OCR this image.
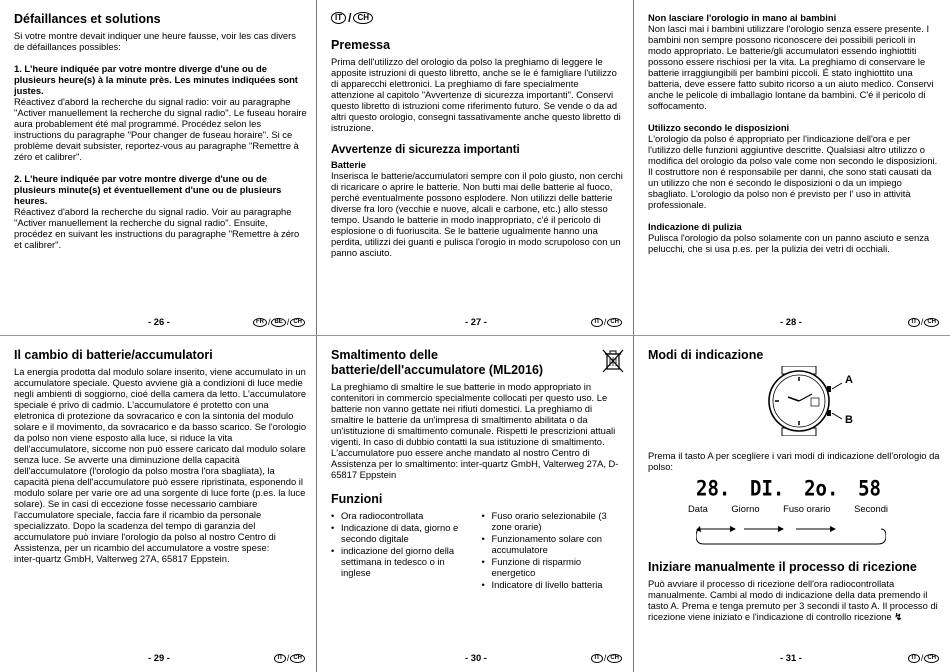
Défaillances et solutions

Si votre montre devait indiquer une heure fausse, voir les cas divers de défaillances possibles:

1. L'heure indiquée par votre montre diverge d'une ou de plusieurs heure(s) à la minute près. Les minutes indiquées sont justes.

Réactivez d'abord la recherche du signal radio: voir au paragraphe "Activer manuellement la recherche du signal radio". Le fuseau horaire aura probablement été mal programmé. Procédez selon les instructions du paragraphe "Pour changer de fuseau horaire". Si ce problème devait subsister, reportez-vous au paragraphe "Remettre à zéro et calibrer".

2. L'heure indiquée par votre montre diverge d'une ou de plusieurs minute(s) et éventuellement d'une ou de plusieurs heures.

Réactivez d'abord la recherche du signal radio. Voir au paragraphe "Activer manuellement la recherche du signal radio". Ensuite, procédez en suivant les instructions du paragraphe "Remettre à zéro et calibrer".

- 26 -	FR / BE / CH
IT / CH
Premessa

Prima dell'utilizzo del orologio da polso la preghiamo di leggere le apposite istruzioni di questo libretto, anche se le é famigliare l'utilizzo di apparecchi elettronici. La preghiamo di fare specialmente attenzione al capitolo "Avvertenze di sicurezza importanti". Conservi questo libretto di istruzioni come riferimento futuro. Se vende o da ad altri questo orologio, consegni tassativamente anche questo libretto di istruzione.

Avvertenze di sicurezza importanti

Batterie

Inserisca le batterie/accumulatori sempre con il polo giusto, non cerchi di ricaricare o aprire le batterie. Non butti mai delle batterie al fuoco, perché eventualmente possono esplodere. Non utilizzi delle batterie diverse fra loro (vecchie e nuove, alcali e carbone, etc.) allo stesso tempo. Usando le batterie in modo inappropriato, c'é il pericolo di esplosione o di fuoriuscita. Se le batterie ugualmente hanno una perdita, utilizzi dei guanti e pulisca l'orogio in modo scrupoloso con un panno asciuto.

- 27 -	IT / CH

Non lasciare l'orologio in mano ai bambini

Non lasci mai i bambini utilizzare l'orologio senza essere presente. I bambini non sempre possono riconoscere dei possibili pericoli in modo appropriato. Le batterie/gli accumulatori essendo inghiottiti possono essere rischiosi per la vita. La preghiamo di conservare le batterie irraggiungibili per bambini piccoli. É stato inghiottito una batteria, deve essere fatto subito ricorso a un aiuto medico. Conservi anche le pelicole di imballagio lontane da bambini. C'é il pericolo di soffocamento.

Utilizzo secondo le disposizioni

L'orologio da polso é appropriato per l'indicazione dell'ora e per l'utilizzo delle funzioni aggiuntive descritte. Qualsiasi altro utilizzo o modifica del orologio da polso vale come non secondo le disposizioni. Il costruttore non é responsabile per danni, che sono stati causati da un utilizzo che non é secondo le disposizioni o da un impiego sbagliato. L'orologio da polso non é previsto per l' uso in attività professionale.

Indicazione di pulizia

Pulisca l'orologio da polso solamente con un panno asciuto e senza pelucchi, che si usa p.es. per la pulizia dei vetri di occhiali.

- 28 -	IT / CH
Il cambio di batterie/accumulatori

La energia prodotta dal modulo solare inserito, viene accumulato in un accumulatore speciale. Questo avviene già a condizioni di luce medie negli ambienti di soggiorno, cioé della camera da letto. L'accumulatore speciale é privo di cadmio. L'accumulatore é protetto con una eletronica di protezione da sovracarico e con la sintonia del modulo solare e il movimento, da sovracarico e da basso scarico. Se l'orologio da polso non viene esposto alla luce, si riduce la vita dell'accumulatore, siccome non può essere caricato dal modulo solare senza luce. Se avverte una diminuzione della capacità dell'accumulatore (l'orologio da polso mostra l'ora sbagliata), la capacità piena dell'accumulatore può essere ripristinata, esponendo il modulo solare per varie ore ad una sorgente di luce forte (p.es. la luce solare). Se in casi di eccezione fosse necessario cambiare l'accumulatore speciale, faccia fare il ricambio da personale specializzato. Dopo la scadenza del tempo di garanzia del accumulatore può inviare l'orologio da polso al nostro Centro di Assistenza, per un ricambio del accumulatore a vostre spese:

inter-quartz GmbH, Valterweg 27A, 65817 Eppstein.

- 29 -	IT / CH
Smaltimento delle batterie/dell'accumulatore (ML2016)

La preghiamo di smaltire le sue batterie in modo appropriato in contenitori in commercio specialmente collocati per questo uso. Le batterie non vanno gettate nei rifiuti domestici. La preghiamo di smaltire le batterie da un'impresa di smaltimento abilitata o da un'istituzione di smaltimento comunale. Rispetti le prescrizioni attuali vigenti. In caso di dubbio contatti la sua istituzione di smaltimento. L'accumulatore puo essere anche mandato al nostro Centro di Assistenza per lo smaltimento: inter-quartz GmbH, Valterweg 27A, D-65817 Eppstein

Funzioni
• Ora radiocontrollata
• Indicazione di data, giorno e secondo digitale
• indicazione del giorno della settimana in tedesco o in inglese
• Fuso orario selezionabile (3 zone orarie)
• Funzionamento solare con accumulatore
• Funzione di risparmio energetico
• Indicatore di livello batteria
- 30 -	IT / CH
Modi di indicazione
A
B

Prema il tasto A per scegliere i vari modi di indicazione dell'orologio da polso:

28. DI. 2o. 58
Data	Giorno	Fuso orario	Secondi
Iniziare manualmente il processo di ricezione

Può avviare il processo di ricezione dell'ora radiocontrollata manualmente. Cambi al modo di indicazione della data premendo il tasto A. Prema e tenga premuto per 3 secondi il tasto A. Il processo di ricezione viene iniziato e l'indicazione di controllo ricezione ↯

- 31 -	IT / CH
